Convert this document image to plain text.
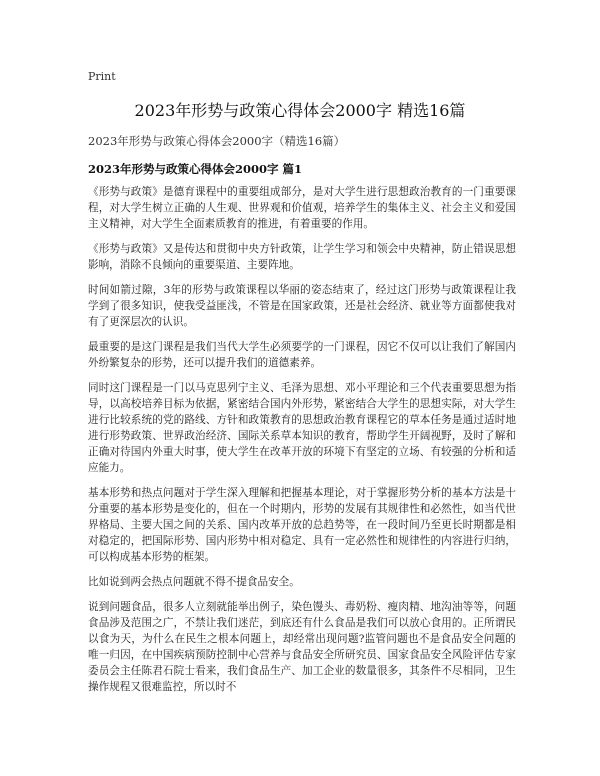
Print
2023年形势与政策心得体会2000字 精选16篇
2023年形势与政策心得体会2000字（精选16篇）
2023年形势与政策心得体会2000字 篇1

《形势与政策》是德育课程中的重要组成部分，是对大学生进行思想政治教育的一门重要课程，对大学生树立正确的人生观、世界观和价值观，培养学生的集体主义、社会主义和爱国主义精神，对大学生全面素质教育的推进，有着重要的作用。

《形势与政策》又是传达和贯彻中央方针政策，让学生学习和领会中央精神，防止错误思想影响，消除不良倾向的重要渠道、主要阵地。

时间如箭过隙，3年的形势与政策课程以华丽的姿态结束了，经过这门形势与政策课程让我学到了很多知识，使我受益匪浅，不管是在国家政策，还是社会经济、就业等方面都使我对有了更深层次的认识。

最重要的是这门课程是我们当代大学生必须要学的一门课程，因它不仅可以让我们了解国内外纷繁复杂的形势，还可以提升我们的道德素养。

同时这门课程是一门以马克思列宁主义、毛泽为思想、邓小平理论和三个代表重要思想为指导，以高校培养目标为依据，紧密结合国内外形势，紧密结合大学生的思想实际，对大学生进行比较系统的党的路线、方针和政策教育的思想政治教育课程它的草本任务是通过适时地进行形势政策、世界政治经济、国际关系草本知识的教育，帮助学生开阔视野，及时了解和正确对待国内外重大时事，使大学生在改革开放的环境下有坚定的立场、有较强的分析和适应能力。

基本形势和热点问题对于学生深入理解和把握基本理论，对于掌握形势分析的基本方法是十分重要的基本形势是变化的，但在一个时期内，形势的发展有其规律性和必然性，如当代世界格局、主要大国之间的关系、国内改革开放的总趋势等，在一段时间乃至更长时期都是相对稳定的，把国际形势、国内形势中相对稳定、具有一定必然性和规律性的内容进行归纳，可以构成基本形势的框架。

比如说到两会热点问题就不得不提食品安全。

说到问题食品，很多人立刻就能举出例子，染色馒头、毒奶粉、瘦肉精、地沟油等等，问题食品涉及范围之广，不禁让我们迷茫，到底还有什么食品是我们可以放心食用的。正所谓民以食为天，为什么在民生之根本问题上，却经常出现问题?监管问题也不是食品安全问题的唯一归因，在中国疾病预防控制中心营养与食品安全所研究员、国家食品安全风险评估专家委员会主任陈君石院士看来，我们食品生产、加工企业的数量很多，其条件不尽相同，卫生操作规程又很难监控，所以时不
